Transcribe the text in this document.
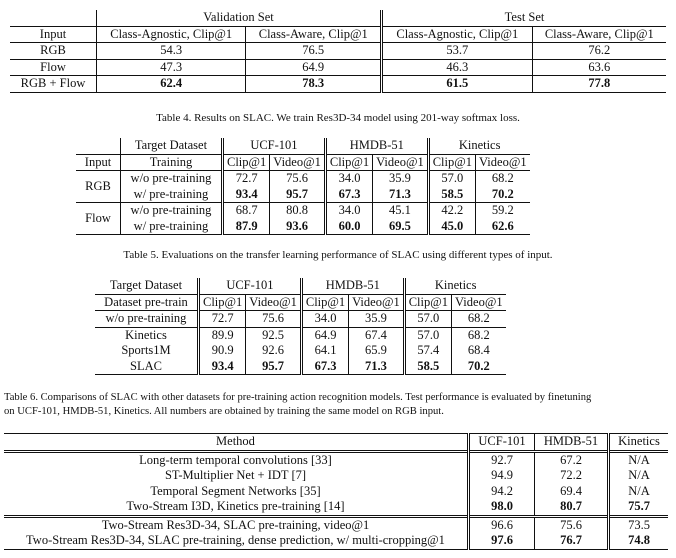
	Validation Set		Test Set	
Input	Class-Agnostic, Clip@1	Class-Aware, Clip@1	Class-Agnostic, Clip@1	Class-Aware, Clip@1
RGB	54.3	76.5	53.7	76.2
Flow	47.3	64.9	46.3	63.6
RGB + Flow	62.4	78.3	61.5	77.8
Table 4. Results on SLAC. We train Res3D-34 model using 201-way softmax loss.
	Target Dataset	UCF-101		HMDB-51		Kinetics	
Input	Training	Clip@1	Video@1	Clip@1	Video@1	Clip@1	Video@1
RGB	w/o pre-training	72.7	75.6	34.0	35.9	57.0	68.2
	w/ pre-training	93.4	95.7	67.3	71.3	58.5	70.2
Flow	w/o pre-training	68.7	80.8	34.0	45.1	42.2	59.2
	w/ pre-training	87.9	93.6	60.0	69.5	45.0	62.6
Table 5. Evaluations on the transfer learning performance of SLAC using different types of input.
Target Dataset	UCF-101		HMDB-51		Kinetics	
Dataset pre-train	Clip@1	Video@1	Clip@1	Video@1	Clip@1	Video@1
w/o pre-training	72.7	75.6	34.0	35.9	57.0	68.2
Kinetics	89.9	92.5	64.9	67.4	57.0	68.2
Sports1M	90.9	92.6	64.1	65.9	57.4	68.4
SLAC	93.4	95.7	67.3	71.3	58.5	70.2
Table 6. Comparisons of SLAC with other datasets for pre-training action recognition models. Test performance is evaluated by finetuning
on UCF-101, HMDB-51, Kinetics. All numbers are obtained by training the same model on RGB input.
Method	UCF-101	HMDB-51	Kinetics
Long-term temporal convolutions [33]	92.7	67.2	N/A
ST-Multiplier Net + IDT [7]	94.9	72.2	N/A
Temporal Segment Networks [35]	94.2	69.4	N/A
Two-Stream I3D, Kinetics pre-training [14]	98.0	80.7	75.7
Two-Stream Res3D-34, SLAC pre-training, video@1	96.6	75.6	73.5
Two-Stream Res3D-34, SLAC pre-training, dense prediction, w/ multi-cropping@1	97.6	76.7	74.8
